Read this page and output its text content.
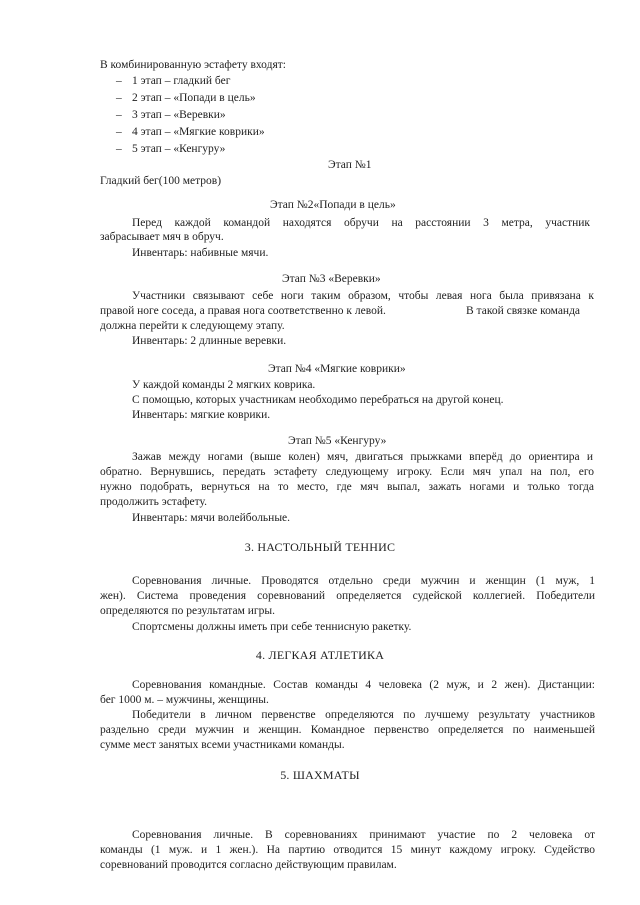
В комбинированную эстафету входят:
– 1 этап – гладкий бег
– 2 этап – «Попади в цель»
– 3 этап – «Веревки»
– 4 этап – «Мягкие коврики»
– 5 этап – «Кенгуру»
Этап №1
Гладкий бег(100 метров)
Этап №2«Попади в цель»
Перед каждой командой находятся обручи на расстоянии 3 метра, участник
забрасывает мяч в обруч.
Инвентарь: набивные мячи.
Этап №3 «Веревки»
Участники связывают себе ноги таким образом, чтобы левая нога была привязана к
правой ноге соседа, а правая нога соответственно к левой.	В такой связке команда
должна перейти к следующему этапу.
Инвентарь: 2 длинные веревки.
Этап №4 «Мягкие коврики»
У каждой команды 2 мягких коврика.
С помощью, которых участникам необходимо перебраться на другой конец.
Инвентарь: мягкие коврики.
Этап №5 «Кенгуру»
Зажав между ногами (выше колен) мяч, двигаться прыжками вперёд до ориентира и
обратно. Вернувшись, передать эстафету следующему игроку. Если мяч упал на пол, его
нужно подобрать, вернуться на то место, где мяч выпал, зажать ногами и только тогда
продолжить эстафету.
Инвентарь: мячи волейбольные.
3. НАСТОЛЬНЫЙ ТЕННИС
Соревнования личные. Проводятся отдельно среди мужчин и женщин (1 муж, 1
жен). Система проведения соревнований определяется судейской коллегией. Победители
определяются по результатам игры.
Спортсмены должны иметь при себе теннисную ракетку.
4. ЛЕГКАЯ АТЛЕТИКА
Соревнования командные. Состав команды 4 человека (2 муж, и 2 жен). Дистанции:
бег 1000 м. – мужчины, женщины.
Победители в личном первенстве определяются по лучшему результату участников
раздельно среди мужчин и женщин. Командное первенство определяется по наименьшей
сумме мест занятых всеми участниками команды.
5. ШАХМАТЫ
Соревнования личные. В соревнованиях принимают участие по 2 человека от
команды (1 муж. и 1 жен.). На партию отводится 15 минут каждому игроку. Судейство
соревнований проводится согласно действующим правилам.
